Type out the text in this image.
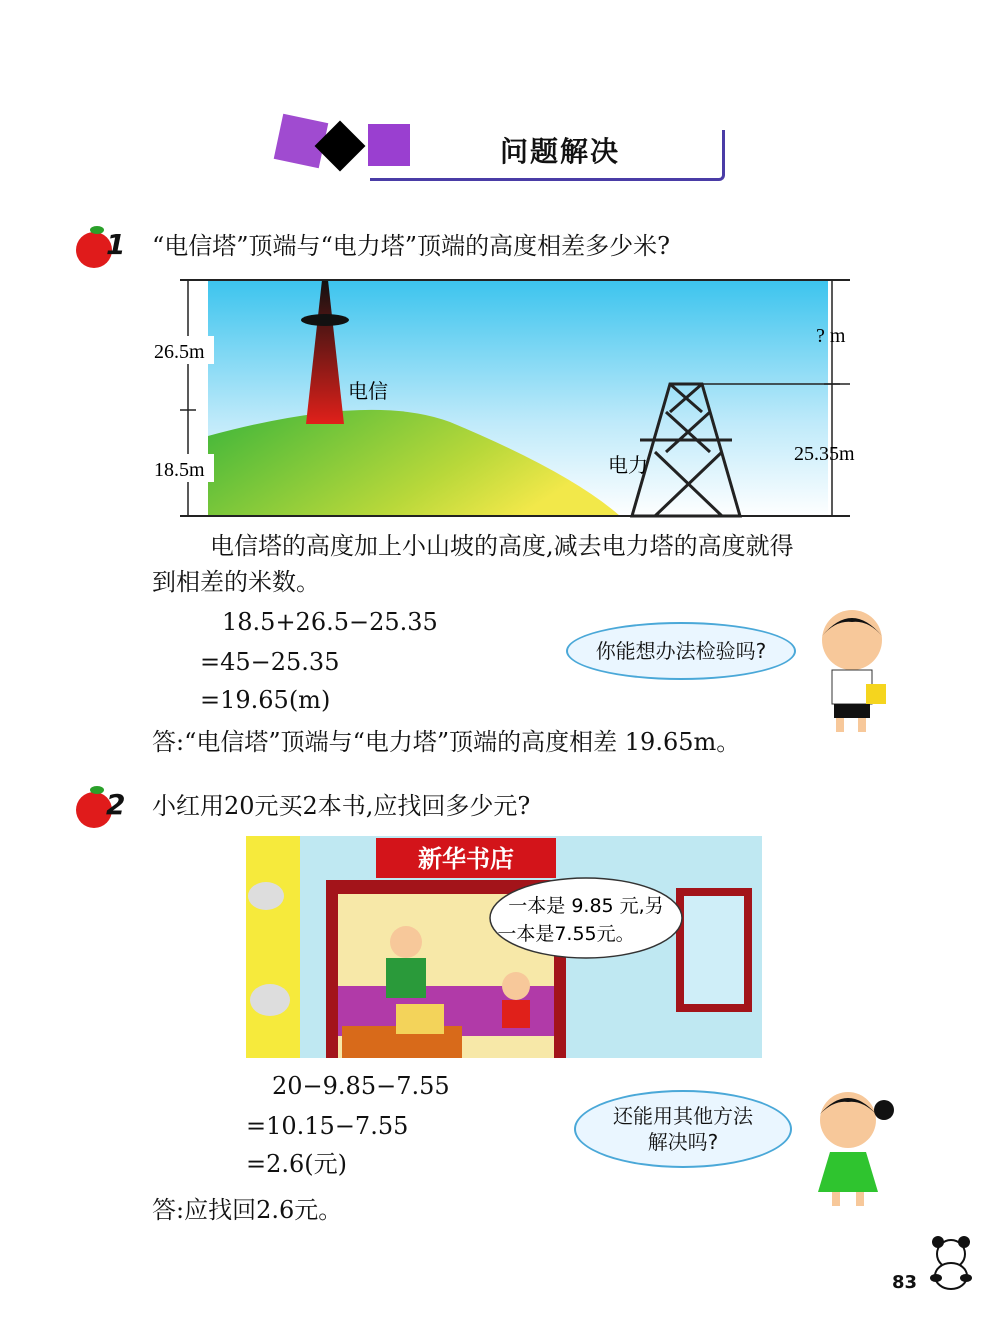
问题解决
1 “电信塔”顶端与“电力塔”顶端的高度相差多少米?
26.5m
18.5m
电信
电力
? m
25.35m
电信塔的高度加上小山坡的高度,减去电力塔的高度就得
到相差的米数。
18.5+26.5−25.35
=45−25.35
=19.65(m)
你能想办法检验吗?
答:“电信塔”顶端与“电力塔”顶端的高度相差 19.65m。
2 小红用20元买2本书,应找回多少元?
新华书店
一本是 9.85 元,另
一本是7.55元。
20−9.85−7.55
=10.15−7.55
=2.6(元)
还能用其他方法
解决吗?
答:应找回2.6元。
83
